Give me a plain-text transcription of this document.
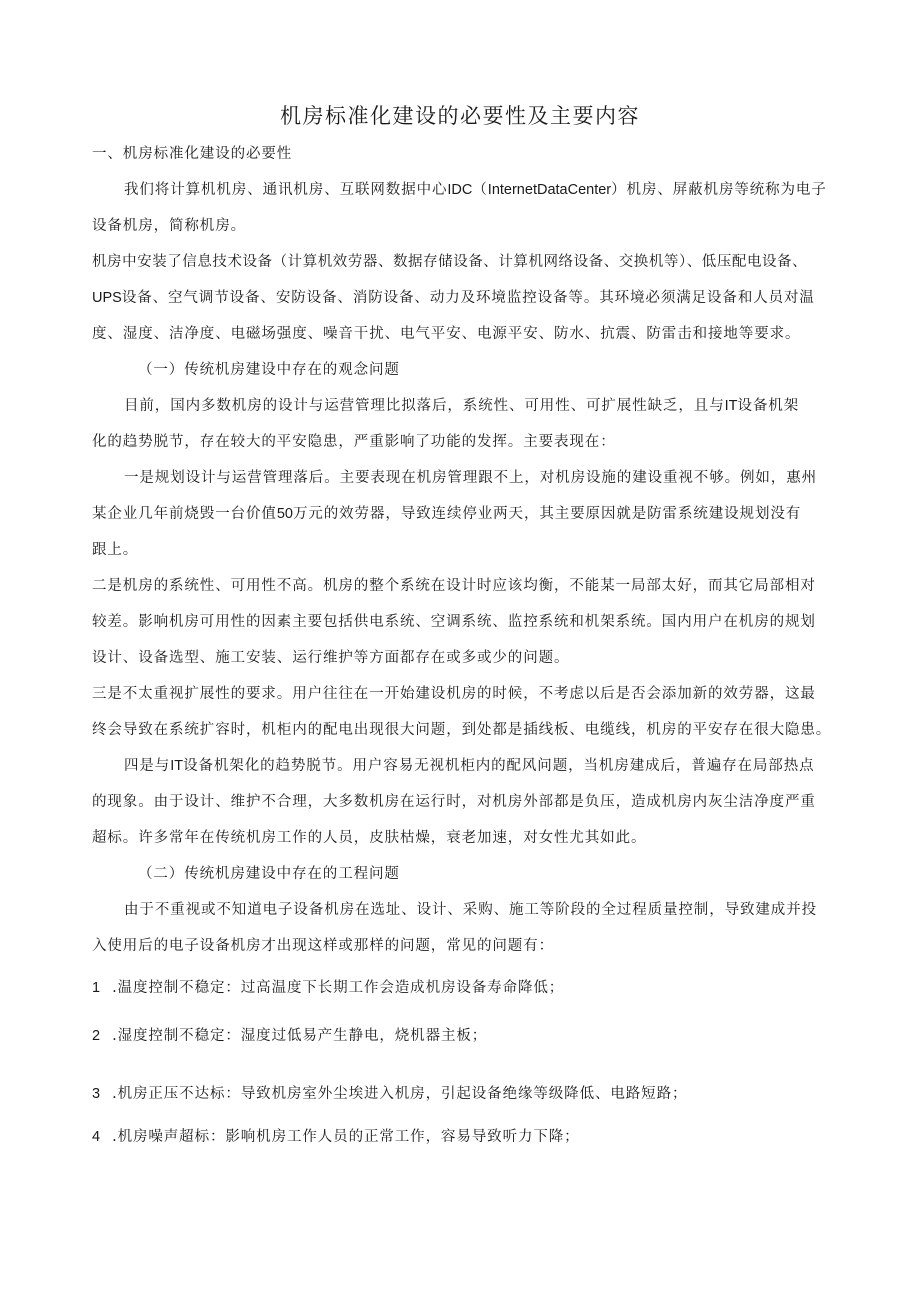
机房标准化建设的必要性及主要内容
一、机房标准化建设的必要性
我们将计算机机房、通讯机房、互联网数据中心IDC（InternetDataCenter）机房、屏蔽机房等统称为电子
设备机房，简称机房。
机房中安装了信息技术设备（计算机效劳器、数据存储设备、计算机网络设备、交换机等）、低压配电设备、
UPS设备、空气调节设备、安防设备、消防设备、动力及环境监控设备等。其环境必须满足设备和人员对温
度、湿度、洁净度、电磁场强度、噪音干扰、电气平安、电源平安、防水、抗震、防雷击和接地等要求。
（一）传统机房建设中存在的观念问题
目前，国内多数机房的设计与运营管理比拟落后，系统性、可用性、可扩展性缺乏，且与IT设备机架
化的趋势脱节，存在较大的平安隐患，严重影响了功能的发挥。主要表现在：
一是规划设计与运营管理落后。主要表现在机房管理跟不上，对机房设施的建设重视不够。例如，惠州
某企业几年前烧毁一台价值50万元的效劳器，导致连续停业两天，其主要原因就是防雷系统建设规划没有
跟上。
二是机房的系统性、可用性不高。机房的整个系统在设计时应该均衡，不能某一局部太好，而其它局部相对
较差。影响机房可用性的因素主要包括供电系统、空调系统、监控系统和机架系统。国内用户在机房的规划
设计、设备选型、施工安装、运行维护等方面都存在或多或少的问题。
三是不太重视扩展性的要求。用户往往在一开始建设机房的时候，不考虑以后是否会添加新的效劳器，这最
终会导致在系统扩容时，机柜内的配电出现很大问题，到处都是插线板、电缆线，机房的平安存在很大隐患。
四是与IT设备机架化的趋势脱节。用户容易无视机柜内的配风问题，当机房建成后，普遍存在局部热点
的现象。由于设计、维护不合理，大多数机房在运行时，对机房外部都是负压，造成机房内灰尘洁净度严重
超标。许多常年在传统机房工作的人员，皮肤枯燥，衰老加速，对女性尤其如此。
（二）传统机房建设中存在的工程问题
由于不重视或不知道电子设备机房在选址、设计、采购、施工等阶段的全过程质量控制，导致建成并投
入使用后的电子设备机房才出现这样或那样的问题，常见的问题有：
1 .温度控制不稳定：过高温度下长期工作会造成机房设备寿命降低；
2 .湿度控制不稳定：湿度过低易产生静电，烧机器主板；
3 .机房正压不达标：导致机房室外尘埃进入机房，引起设备绝缘等级降低、电路短路；
4 .机房噪声超标：影响机房工作人员的正常工作，容易导致听力下降；
